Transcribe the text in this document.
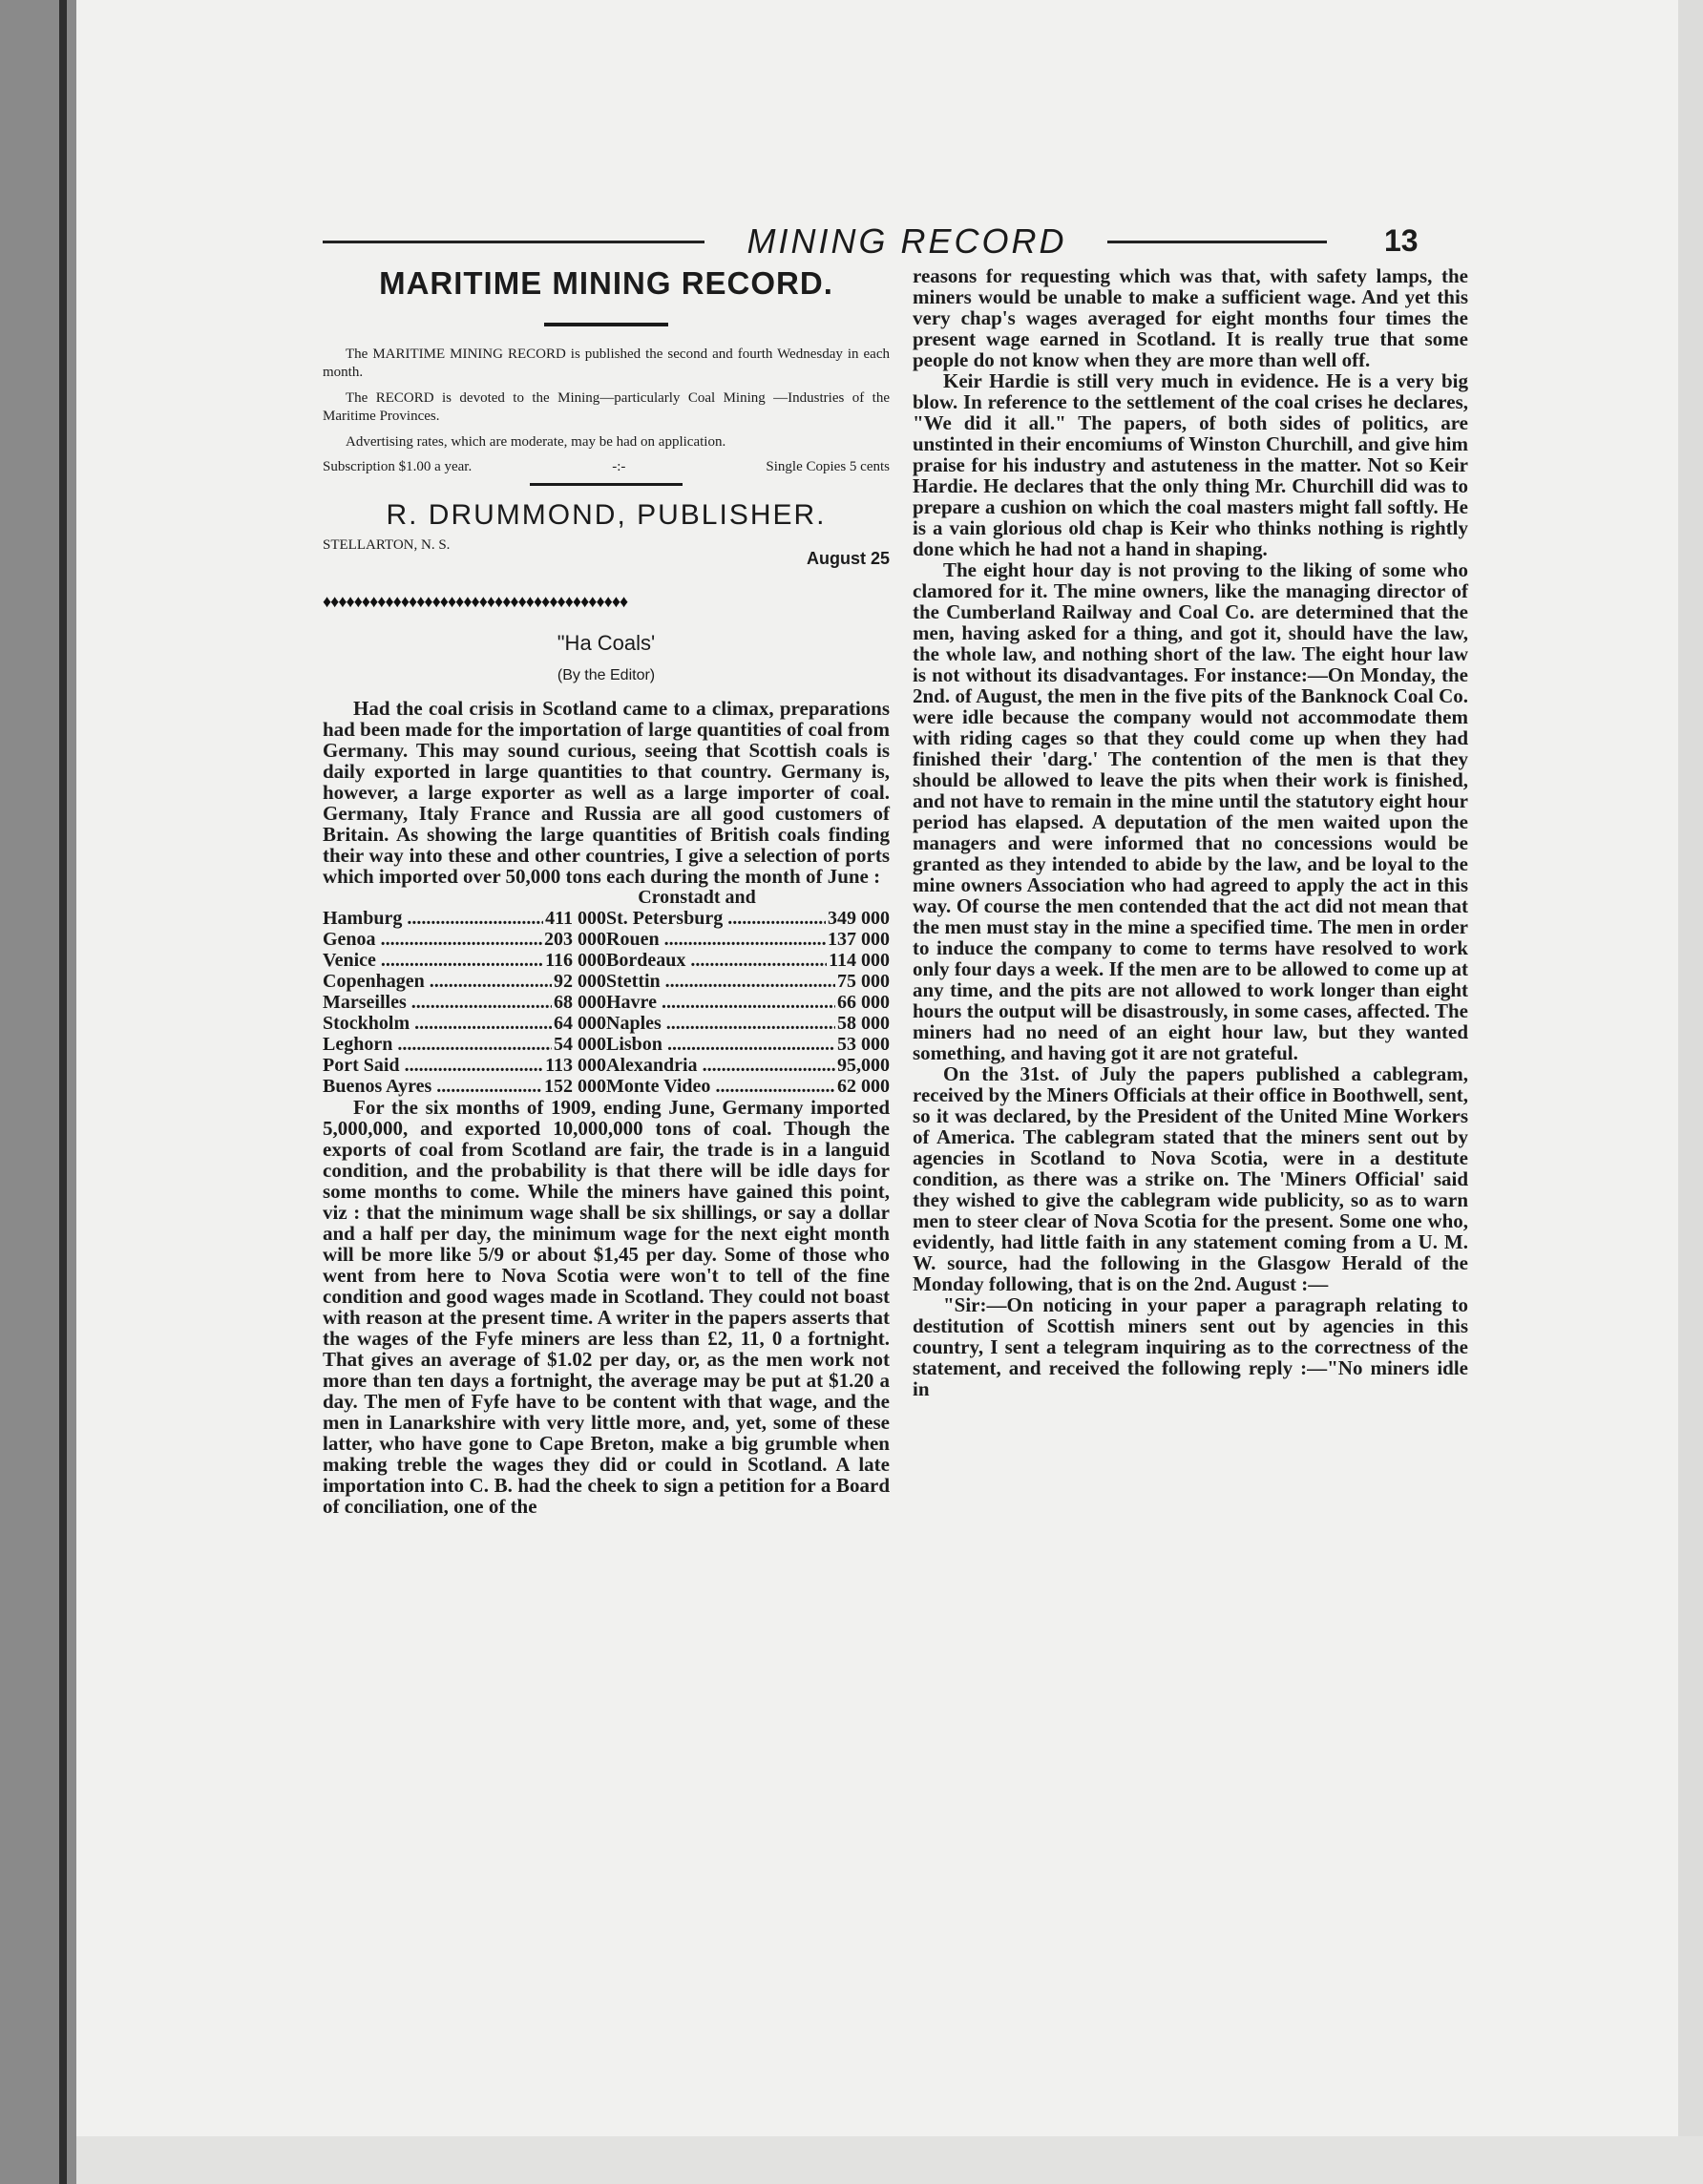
MINING RECORD	13
MARITIME MINING RECORD.

The MARITIME MINING RECORD is published the second and fourth Wednesday in each month.

The RECORD is devoted to the Mining—particularly Coal Mining —Industries of the Maritime Provinces.

Advertising rates, which are moderate, may be had on application.

Subscription $1.00 a year.	-:-	Single Copies 5 cents

R. DRUMMOND, PUBLISHER.

STELLARTON, N. S.
August 25
♦♦♦♦♦♦♦♦♦♦♦♦♦♦♦♦♦♦♦♦♦♦♦♦♦♦♦♦♦♦♦♦♦♦♦♦♦♦♦
"Ha Coals'
(By the Editor)

Had the coal crisis in Scotland came to a climax, preparations had been made for the importation of large quantities of coal from Germany. This may sound curious, seeing that Scottish coals is daily exported in large quantities to that country. Germany is, however, a large exporter as well as a large importer of coal. Germany, Italy France and Russia are all good customers of Britain. As showing the large quantities of British coals finding their way into these and other countries, I give a selection of ports which imported over 50,000 tons each during the month of June :

Cronstadt and
Hamburg .....	411 000 St. Petersburg .....	349 000
Genoa .....	203 000 Rouen .....	137 000
Venice .....	116 000 Bordeaux .....	114 000
Copenhagen .....	92 000 Stettin .....	75 000
Marseilles .....	68 000 Havre .....	66 000
Stockholm .....	64 000 Naples .....	58 000
Leghorn .....	54 000 Lisbon .....	53 000
Port Said .....	113 000 Alexandria .....	95,000
Buenos Ayres .....	152 000 Monte Video .....	62 000

For the six months of 1909, ending June, Germany imported 5,000,000, and exported 10,000,000 tons of coal. Though the exports of coal from Scotland are fair, the trade is in a languid condition, and the probability is that there will be idle days for some months to come. While the miners have gained this point, viz : that the minimum wage shall be six shillings, or say a dollar and a half per day, the minimum wage for the next eight month will be more like 5/9 or about $1,45 per day. Some of those who went from here to Nova Scotia were won't to tell of the fine condition and good wages made in Scotland. They could not boast with reason at the present time. A writer in the papers asserts that the wages of the Fyfe miners are less than £2, 11, 0 a fortnight. That gives an average of $1.02 per day, or, as the men work not more than ten days a fortnight, the average may be put at $1.20 a day. The men of Fyfe have to be content with that wage, and the men in Lanarkshire with very little more, and, yet, some of these latter, who have gone to Cape Breton, make a big grumble when making treble the wages they did or could in Scotland. A late importation into C. B. had the cheek to sign a petition for a Board of conciliation, one of the

reasons for requesting which was that, with safety lamps, the miners would be unable to make a sufficient wage. And yet this very chap's wages averaged for eight months four times the present wage earned in Scotland. It is really true that some people do not know when they are more than well off.

Keir Hardie is still very much in evidence. He is a very big blow. In reference to the settlement of the coal crises he declares, "We did it all." The papers, of both sides of politics, are unstinted in their encomiums of Winston Churchill, and give him praise for his industry and astuteness in the matter. Not so Keir Hardie. He declares that the only thing Mr. Churchill did was to prepare a cushion on which the coal masters might fall softly. He is a vain glorious old chap is Keir who thinks nothing is rightly done which he had not a hand in shaping.

The eight hour day is not proving to the liking of some who clamored for it. The mine owners, like the managing director of the Cumberland Railway and Coal Co. are determined that the men, having asked for a thing, and got it, should have the law, the whole law, and nothing short of the law. The eight hour law is not without its disadvantages. For instance:—On Monday, the 2nd. of August, the men in the five pits of the Banknock Coal Co. were idle because the company would not accommodate them with riding cages so that they could come up when they had finished their 'darg.' The contention of the men is that they should be allowed to leave the pits when their work is finished, and not have to remain in the mine until the statutory eight hour period has elapsed. A deputation of the men waited upon the managers and were informed that no concessions would be granted as they intended to abide by the law, and be loyal to the mine owners Association who had agreed to apply the act in this way. Of course the men contended that the act did not mean that the men must stay in the mine a specified time. The men in order to induce the company to come to terms have resolved to work only four days a week. If the men are to be allowed to come up at any time, and the pits are not allowed to work longer than eight hours the output will be disastrously, in some cases, affected. The miners had no need of an eight hour law, but they wanted something, and having got it are not grateful.

On the 31st. of July the papers published a cablegram, received by the Miners Officials at their office in Boothwell, sent, so it was declared, by the President of the United Mine Workers of America. The cablegram stated that the miners sent out by agencies in Scotland to Nova Scotia, were in a destitute condition, as there was a strike on. The 'Miners Official' said they wished to give the cablegram wide publicity, so as to warn men to steer clear of Nova Scotia for the present. Some one who, evidently, had little faith in any statement coming from a U. M. W. source, had the following in the Glasgow Herald of the Monday following, that is on the 2nd. August :—

"Sir:—On noticing in your paper a paragraph relating to destitution of Scottish miners sent out by agencies in this country, I sent a telegram inquiring as to the correctness of the statement, and received the following reply :—"No miners idle in
